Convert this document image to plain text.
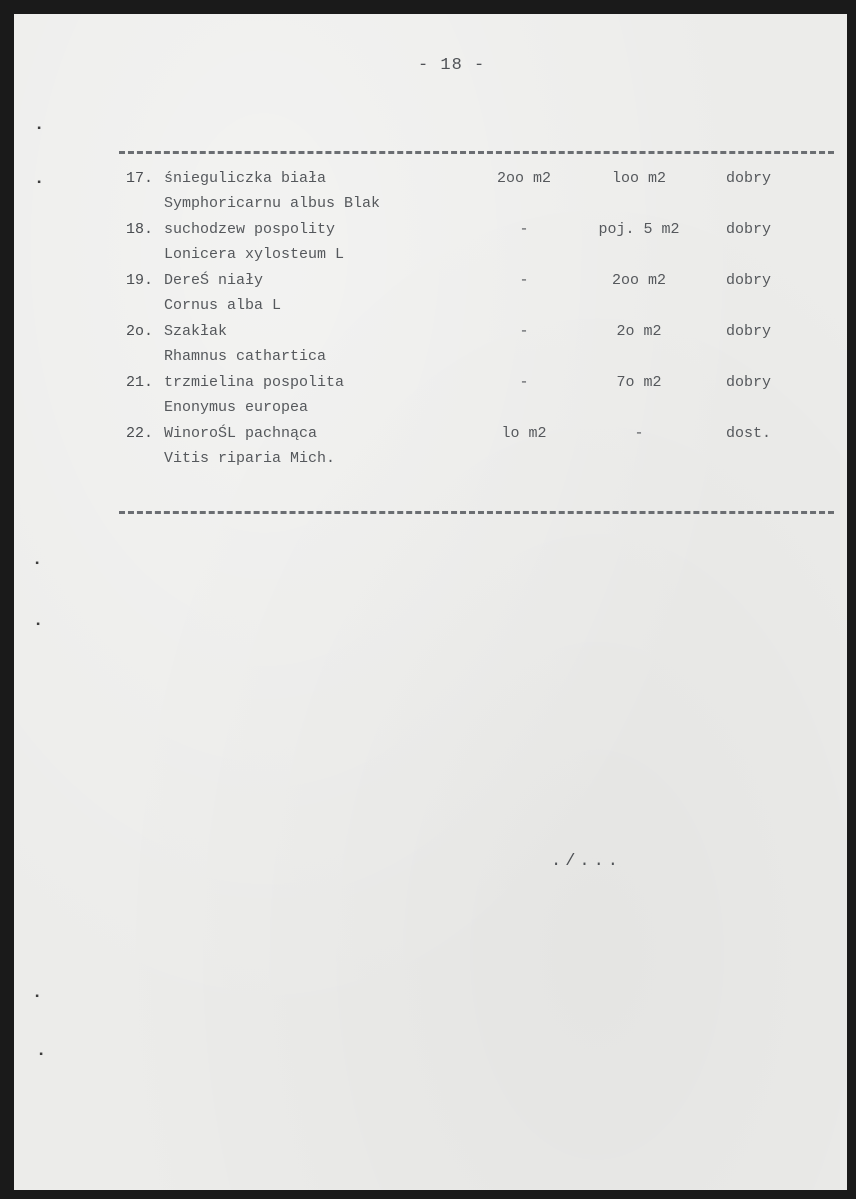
- 18 -
17. śnieguliczka biała
Symphoricarnu albus Blak
2oo m2	loo m2	dobry
18. suchodzew pospolity
Lonicera xylosteum L
-	poj. 5 m2	dobry
19. DereŚ niały
Cornus alba L
-	2oo m2	dobry
2o. Szakłak
Rhamnus cathartica
-	2o m2	dobry
21. trzmielina pospolita
Enonymus europea
-	7o m2	dobry
22. WinoroŚL pachnąca
Vitis riparia Mich.
lo m2	-	dost.
./...
▪
▪
▪
▪
▪
▪
